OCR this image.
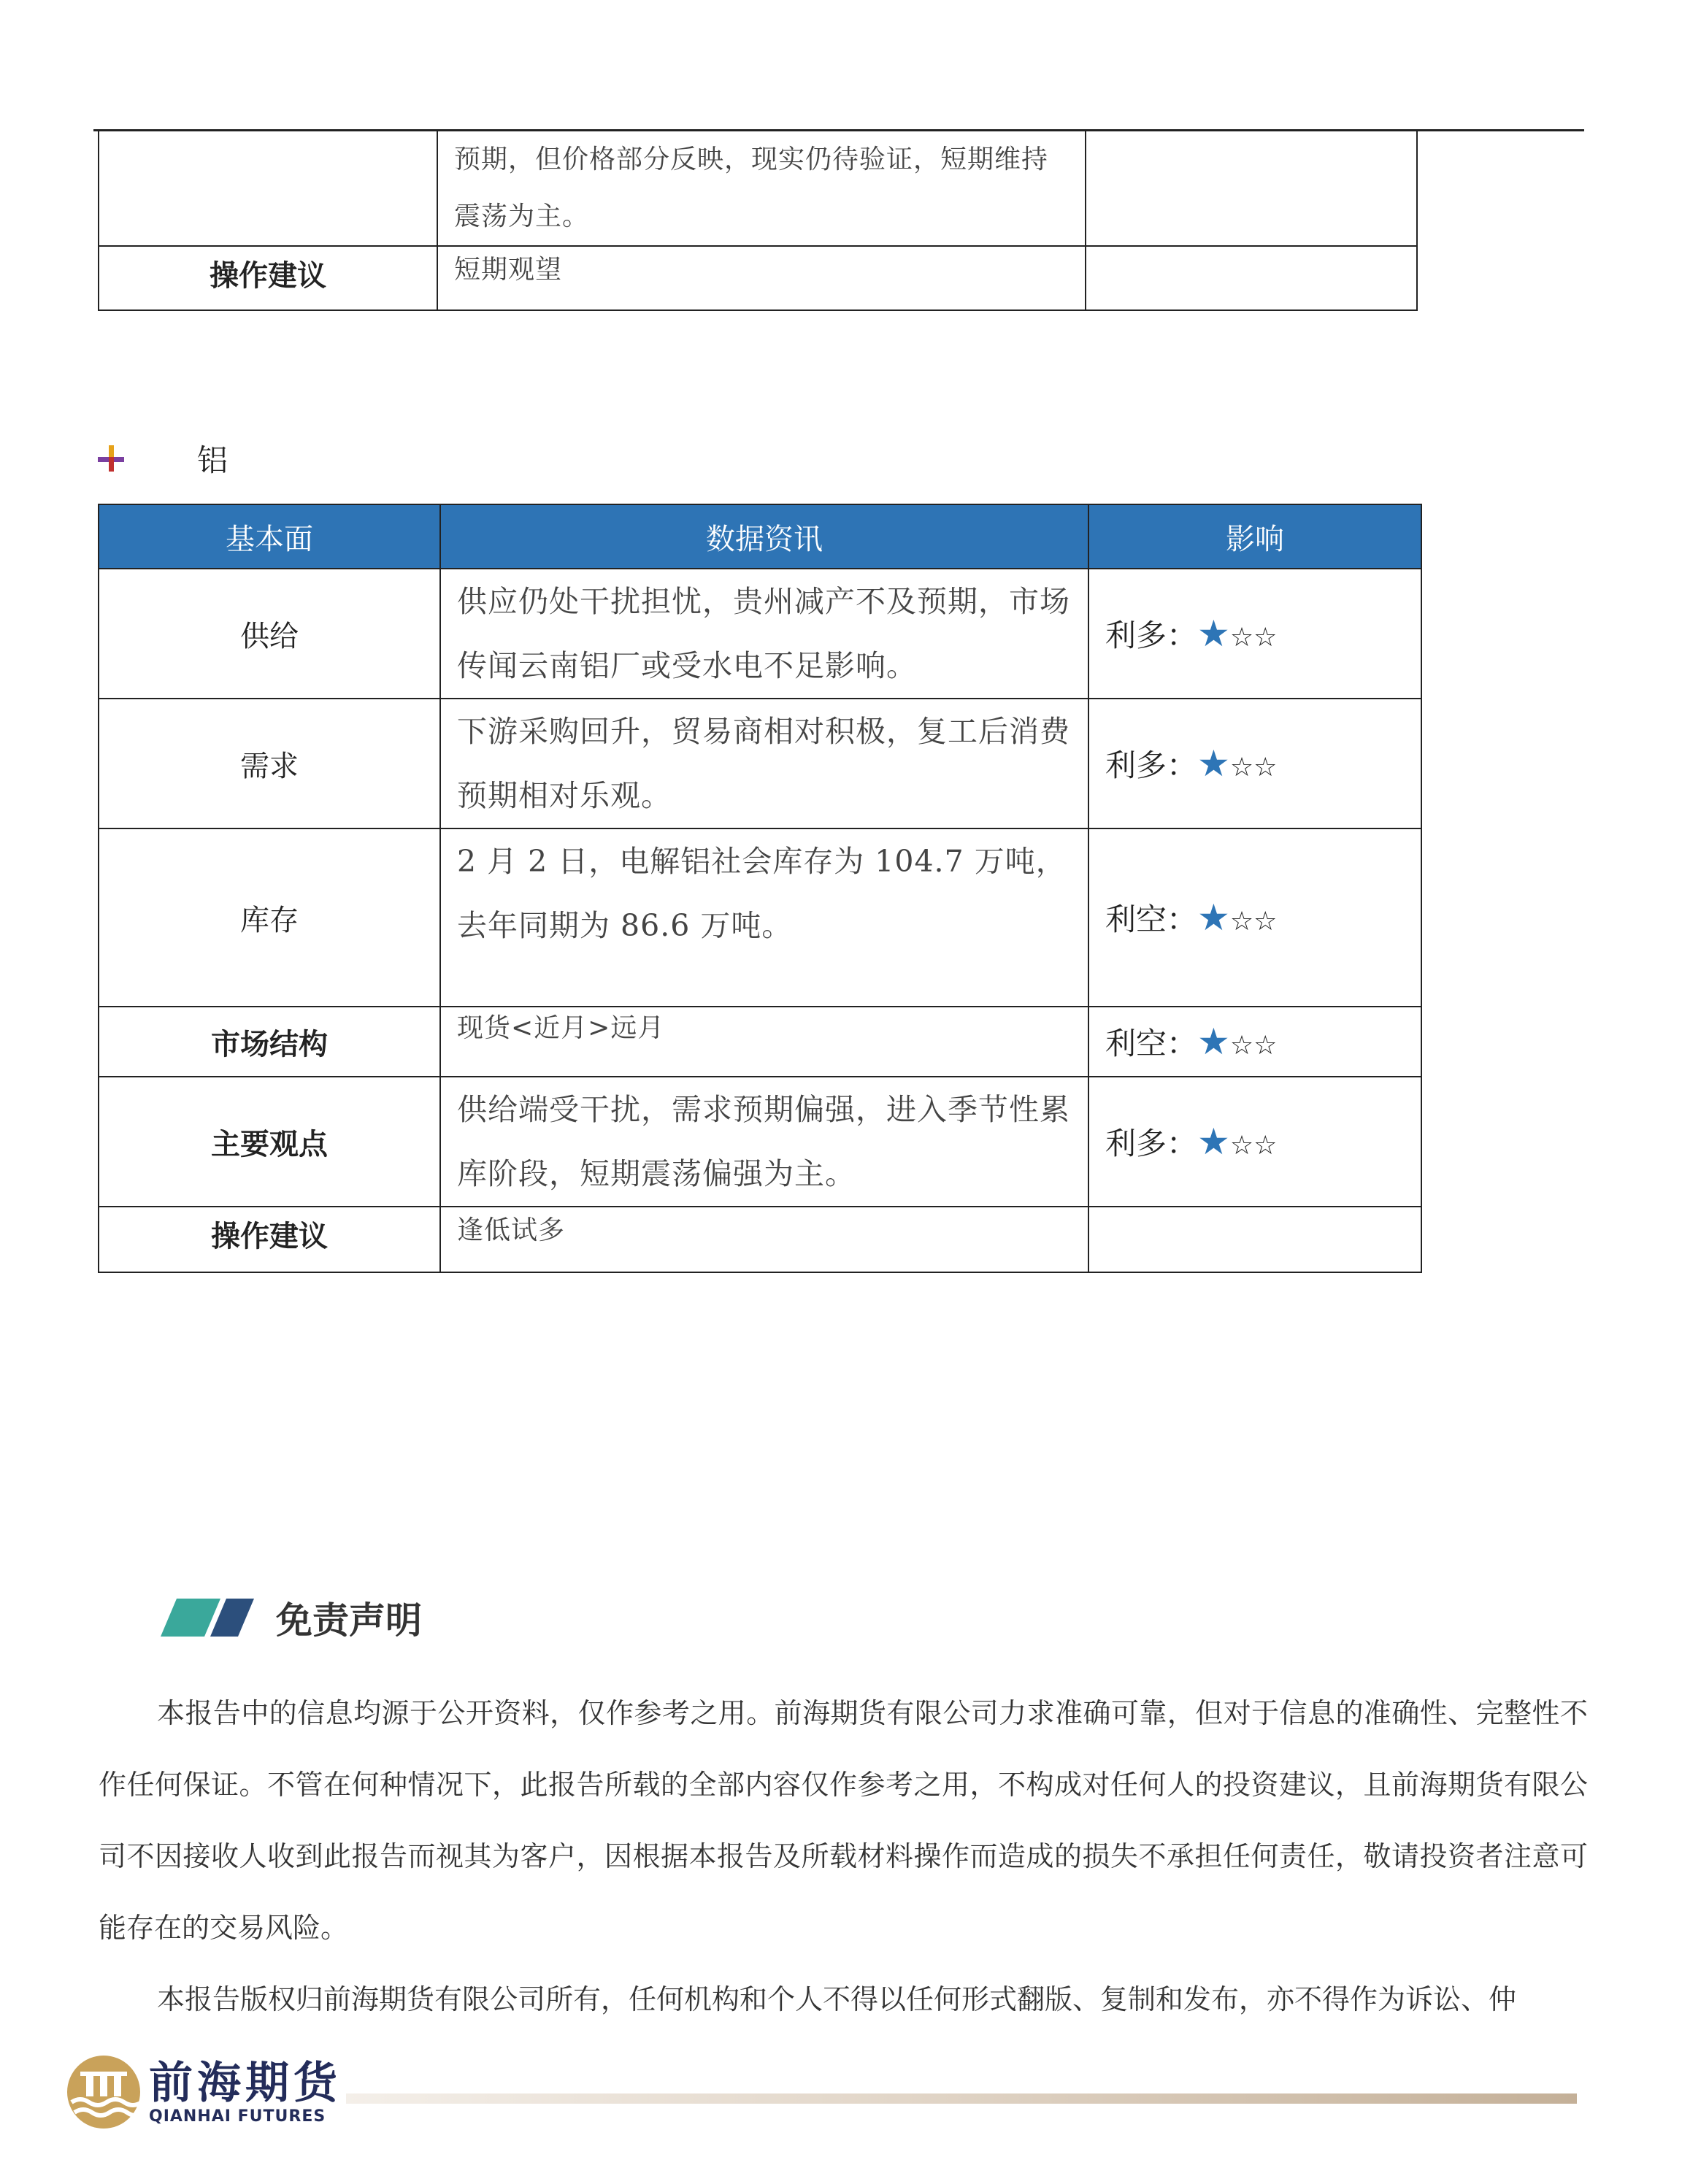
	预期，但价格部分反映，现实仍待验证，短期维持震荡为主。	
操作建议	短期观望	
铝
基本面	数据资讯	影响
供给	供应仍处干扰担忧，贵州减产不及预期，市场传闻云南铝厂或受水电不足影响。	利多：★☆☆
需求	下游采购回升，贸易商相对积极，复工后消费预期相对乐观。	利多：★☆☆
库存	2 月 2 日，电解铝社会库存为 104.7 万吨，去年同期为 86.6 万吨。	利空：★☆☆
市场结构	现货<近月>远月	利空：★☆☆
主要观点	供给端受干扰，需求预期偏强，进入季节性累库阶段，短期震荡偏强为主。	利多：★☆☆
操作建议	逢低试多	
免责声明

本报告中的信息均源于公开资料，仅作参考之用。前海期货有限公司力求准确可靠，但对于信息的准确性、完整性不作任何保证。不管在何种情况下，此报告所载的全部内容仅作参考之用，不构成对任何人的投资建议，且前海期货有限公司不因接收人收到此报告而视其为客户，因根据本报告及所载材料操作而造成的损失不承担任何责任，敬请投资者注意可能存在的交易风险。

本报告版权归前海期货有限公司所有，任何机构和个人不得以任何形式翻版、复制和发布，亦不得作为诉讼、仲

前海期货
QIANHAI FUTURES
